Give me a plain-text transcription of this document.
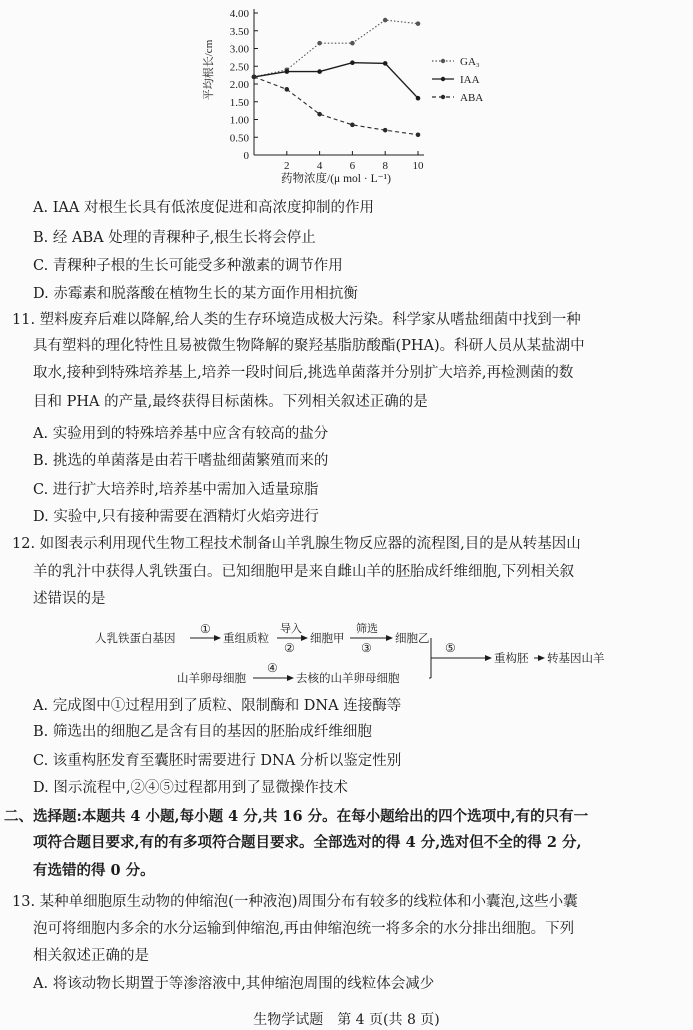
平均根长/cm
药物浓度/(μ mol · L⁻¹)
0
0.50
1.00
1.50
2.00
2.50
3.00
3.50
4.00
2 4 6 8 10
GA₃
IAA
ABA
A. IAA 对根生长具有低浓度促进和高浓度抑制的作用
B. 经 ABA 处理的青稞种子,根生长将会停止
C. 青稞种子根的生长可能受多种激素的调节作用
D. 赤霉素和脱落酸在植物生长的某方面作用相抗衡
11. 塑料废弃后难以降解,给人类的生存环境造成极大污染。科学家从嗜盐细菌中找到一种
具有塑料的理化特性且易被微生物降解的聚羟基脂肪酸酯(PHA)。科研人员从某盐湖中
取水,接种到特殊培养基上,培养一段时间后,挑选单菌落并分别扩大培养,再检测菌的数
目和 PHA 的产量,最终获得目标菌株。下列相关叙述正确的是
A. 实验用到的特殊培养基中应含有较高的盐分
B. 挑选的单菌落是由若干嗜盐细菌繁殖而来的
C. 进行扩大培养时,培养基中需加入适量琼脂
D. 实验中,只有接种需要在酒精灯火焰旁进行
12. 如图表示利用现代生物工程技术制备山羊乳腺生物反应器的流程图,目的是从转基因山
羊的乳汁中获得人乳铁蛋白。已知细胞甲是来自雌山羊的胚胎成纤维细胞,下列相关叙
述错误的是
人乳铁蛋白基因
①
重组质粒
导入
②
细胞甲
筛选
③
细胞乙
山羊卵母细胞
④
去核的山羊卵母细胞
⑤
重构胚 转基因山羊
A. 完成图中①过程用到了质粒、限制酶和 DNA 连接酶等
B. 筛选出的细胞乙是含有目的基因的胚胎成纤维细胞
C. 该重构胚发育至囊胚时需要进行 DNA 分析以鉴定性别
D. 图示流程中,②④⑤过程都用到了显微操作技术
二、选择题:本题共 4 小题,每小题 4 分,共 16 分。在每小题给出的四个选项中,有的只有一
项符合题目要求,有的有多项符合题目要求。全部选对的得 4 分,选对但不全的得 2 分,
有选错的得 0 分。
13. 某种单细胞原生动物的伸缩泡(一种液泡)周围分布有较多的线粒体和小囊泡,这些小囊
泡可将细胞内多余的水分运输到伸缩泡,再由伸缩泡统一将多余的水分排出细胞。下列
相关叙述正确的是
A. 将该动物长期置于等渗溶液中,其伸缩泡周围的线粒体会减少
生物学试题　第 4 页(共 8 页)
